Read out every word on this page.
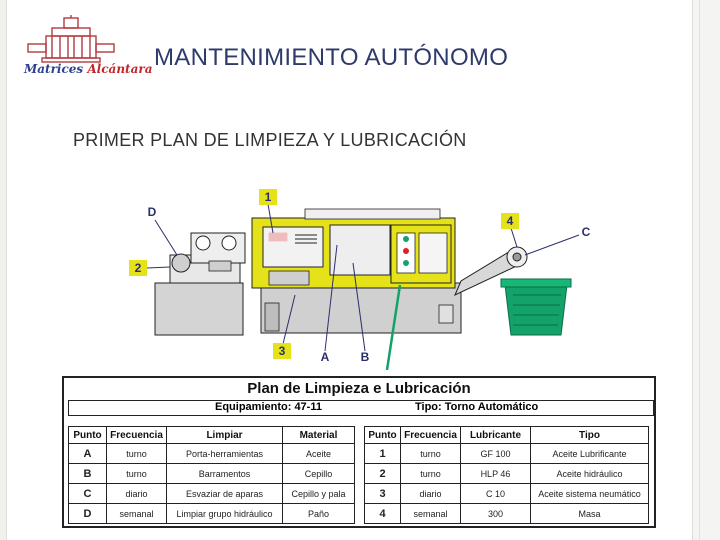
Matrices Alcántara MANTENIMIENTO AUTÓNOMO
PRIMER PLAN DE LIMPIEZA Y LUBRICACIÓN
1
2
3
4
A	B
C
D
Plan de Limpieza e Lubricación
Equipamiento: 47-11	Tipo: Torno Automático
Punto	Frecuencia	Limpiar	Material
A	turno	Porta-herramientas	Aceite
B	turno	Barramentos	Cepillo
C	diario	Esvaziar de aparas	Cepillo y pala
D	semanal	Limpiar grupo hidráulico	Paño
Punto	Frecuencia	Lubricante	Tipo
1	turno	GF 100	Aceite Lubrificante
2	turno	HLP 46	Aceite hidráulico
3	diario	C 10	Aceite sistema neumático
4	semanal	300	Masa
